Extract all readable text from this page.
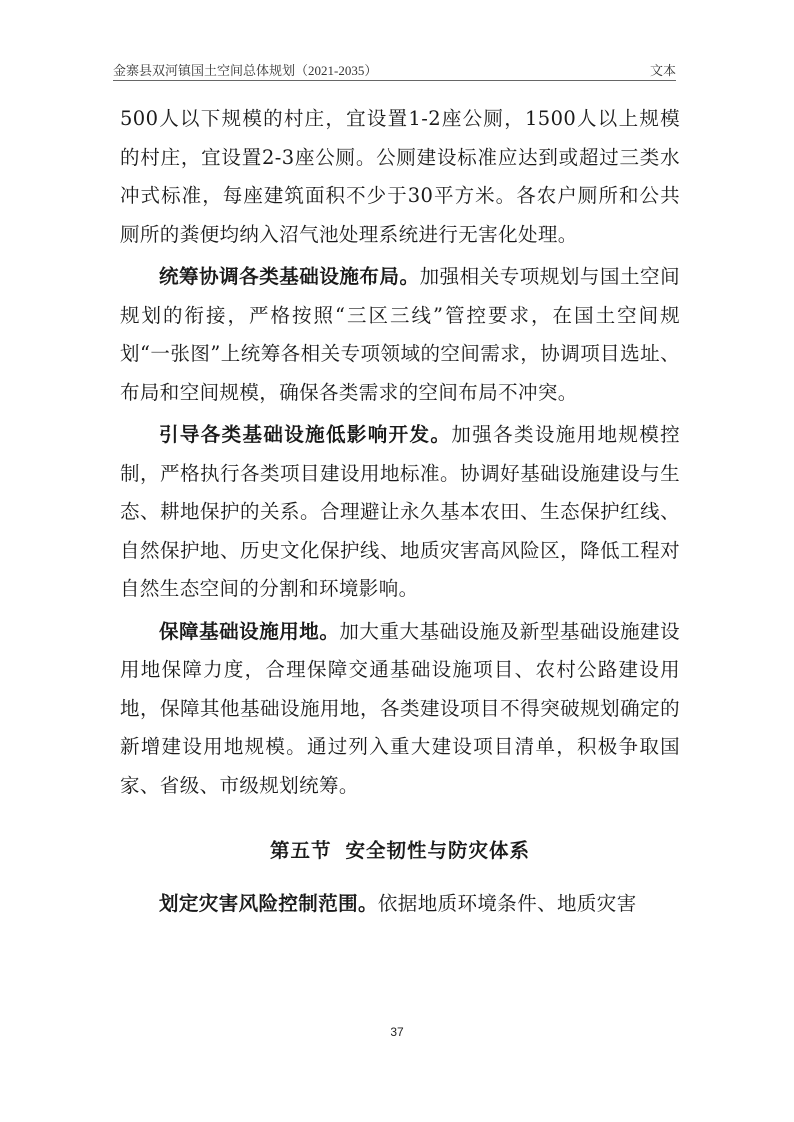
金寨县双河镇国土空间总体规划（2021-2035）	文本

500人以下规模的村庄，宜设置1-2座公厕，1500人以上规模的村庄，宜设置2-3座公厕。公厕建设标准应达到或超过三类水冲式标准，每座建筑面积不少于30平方米。各农户厕所和公共厕所的粪便均纳入沼气池处理系统进行无害化处理。

统筹协调各类基础设施布局。加强相关专项规划与国土空间规划的衔接，严格按照“三区三线”管控要求，在国土空间规划“一张图”上统筹各相关专项领域的空间需求，协调项目选址、布局和空间规模，确保各类需求的空间布局不冲突。

引导各类基础设施低影响开发。加强各类设施用地规模控制，严格执行各类项目建设用地标准。协调好基础设施建设与生态、耕地保护的关系。合理避让永久基本农田、生态保护红线、自然保护地、历史文化保护线、地质灾害高风险区，降低工程对自然生态空间的分割和环境影响。

保障基础设施用地。加大重大基础设施及新型基础设施建设用地保障力度，合理保障交通基础设施项目、农村公路建设用地，保障其他基础设施用地，各类建设项目不得突破规划确定的新增建设用地规模。通过列入重大建设项目清单，积极争取国家、省级、市级规划统筹。

第五节 安全韧性与防灾体系

划定灾害风险控制范围。依据地质环境条件、地质灾害

37
